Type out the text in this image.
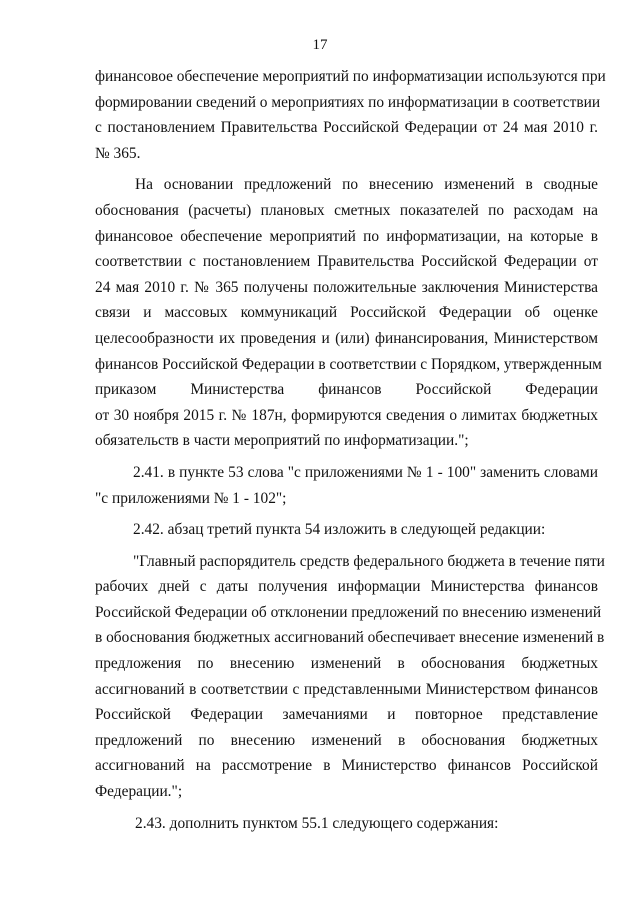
17
финансовое обеспечение мероприятий по информатизации используются при
формировании сведений о мероприятиях по информатизации в соответствии
с постановлением Правительства Российской Федерации от 24 мая 2010 г.
№ 365.
На основании предложений по внесению изменений в сводные
обоснования (расчеты) плановых сметных показателей по расходам на
финансовое обеспечение мероприятий по информатизации, на которые в
соответствии с постановлением Правительства Российской Федерации от
24 мая 2010 г. № 365 получены положительные заключения Министерства
связи и массовых коммуникаций Российской Федерации об оценке
целесообразности их проведения и (или) финансирования, Министерством
финансов Российской Федерации в соответствии с Порядком, утвержденным
приказом Министерства финансов Российской Федерации
от 30 ноября 2015 г. № 187н, формируются сведения о лимитах бюджетных
обязательств в части мероприятий по информатизации.";
2.41. в пункте 53 слова "с приложениями № 1 - 100" заменить словами
"с приложениями № 1 - 102";
2.42. абзац третий пункта 54 изложить в следующей редакции:
"Главный распорядитель средств федерального бюджета в течение пяти
рабочих дней с даты получения информации Министерства финансов
Российской Федерации об отклонении предложений по внесению изменений
в обоснования бюджетных ассигнований обеспечивает внесение изменений в
предложения по внесению изменений в обоснования бюджетных
ассигнований в соответствии с представленными Министерством финансов
Российской Федерации замечаниями и повторное представление
предложений по внесению изменений в обоснования бюджетных
ассигнований на рассмотрение в Министерство финансов Российской
Федерации.";
2.43. дополнить пунктом 55.1 следующего содержания:
